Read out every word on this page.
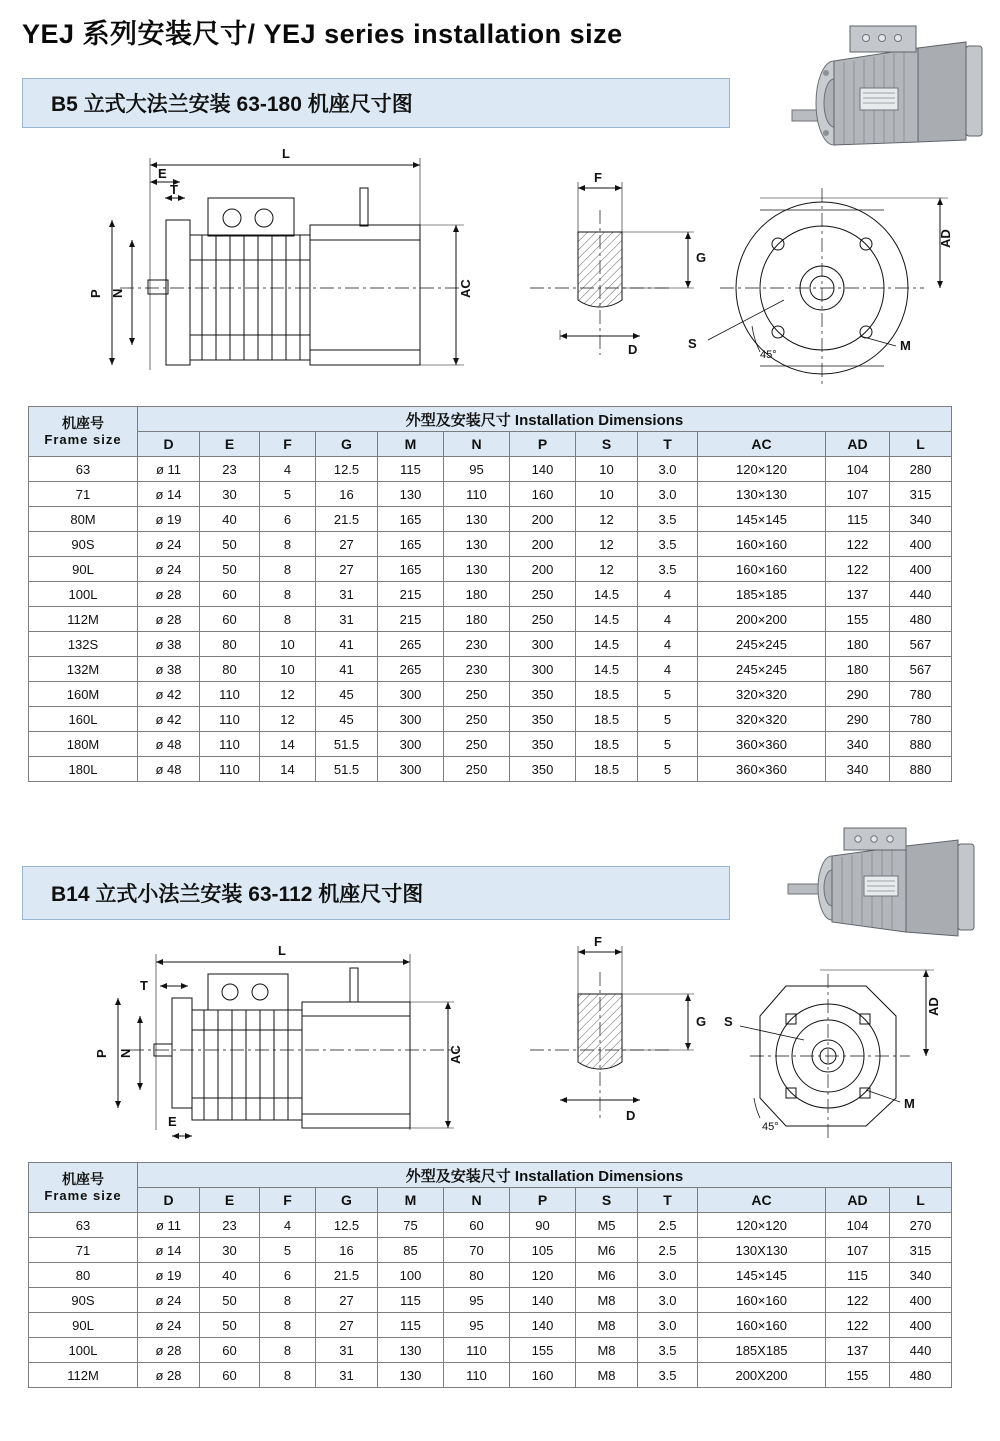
YEJ 系列安装尺寸/ YEJ series installation size
B5 立式大法兰安装 63-180 机座尺寸图
L
E
T
P N	AC
F
G
D
AD
S	M
45°
机座号
Frame size	外型及安装尺寸 Installation Dimensions											
	D	E	F	G	M	N	P	S	T	AC	AD	L
63	ø 11	23	4	12.5	115	95	140	10	3.0	120×120	104	280
71	ø 14	30	5	16	130	110	160	10	3.0	130×130	107	315
80M	ø 19	40	6	21.5	165	130	200	12	3.5	145×145	115	340
90S	ø 24	50	8	27	165	130	200	12	3.5	160×160	122	400
90L	ø 24	50	8	27	165	130	200	12	3.5	160×160	122	400
100L	ø 28	60	8	31	215	180	250	14.5	4	185×185	137	440
112M	ø 28	60	8	31	215	180	250	14.5	4	200×200	155	480
132S	ø 38	80	10	41	265	230	300	14.5	4	245×245	180	567
132M	ø 38	80	10	41	265	230	300	14.5	4	245×245	180	567
160M	ø 42	110	12	45	300	250	350	18.5	5	320×320	290	780
160L	ø 42	110	12	45	300	250	350	18.5	5	320×320	290	780
180M	ø 48	110	14	51.5	300	250	350	18.5	5	360×360	340	880
180L	ø 48	110	14	51.5	300	250	350	18.5	5	360×360	340	880
B14 立式小法兰安装 63-112 机座尺寸图
L
T
P N
E
AC
F
G
D
AD
S
M
45°
机座号
Frame size	外型及安装尺寸 Installation Dimensions											
	D	E	F	G	M	N	P	S	T	AC	AD	L
63	ø 11	23	4	12.5	75	60	90	M5	2.5	120×120	104	270
71	ø 14	30	5	16	85	70	105	M6	2.5	130X130	107	315
80	ø 19	40	6	21.5	100	80	120	M6	3.0	145×145	115	340
90S	ø 24	50	8	27	115	95	140	M8	3.0	160×160	122	400
90L	ø 24	50	8	27	115	95	140	M8	3.0	160×160	122	400
100L	ø 28	60	8	31	130	110	155	M8	3.5	185X185	137	440
112M	ø 28	60	8	31	130	110	160	M8	3.5	200X200	155	480
